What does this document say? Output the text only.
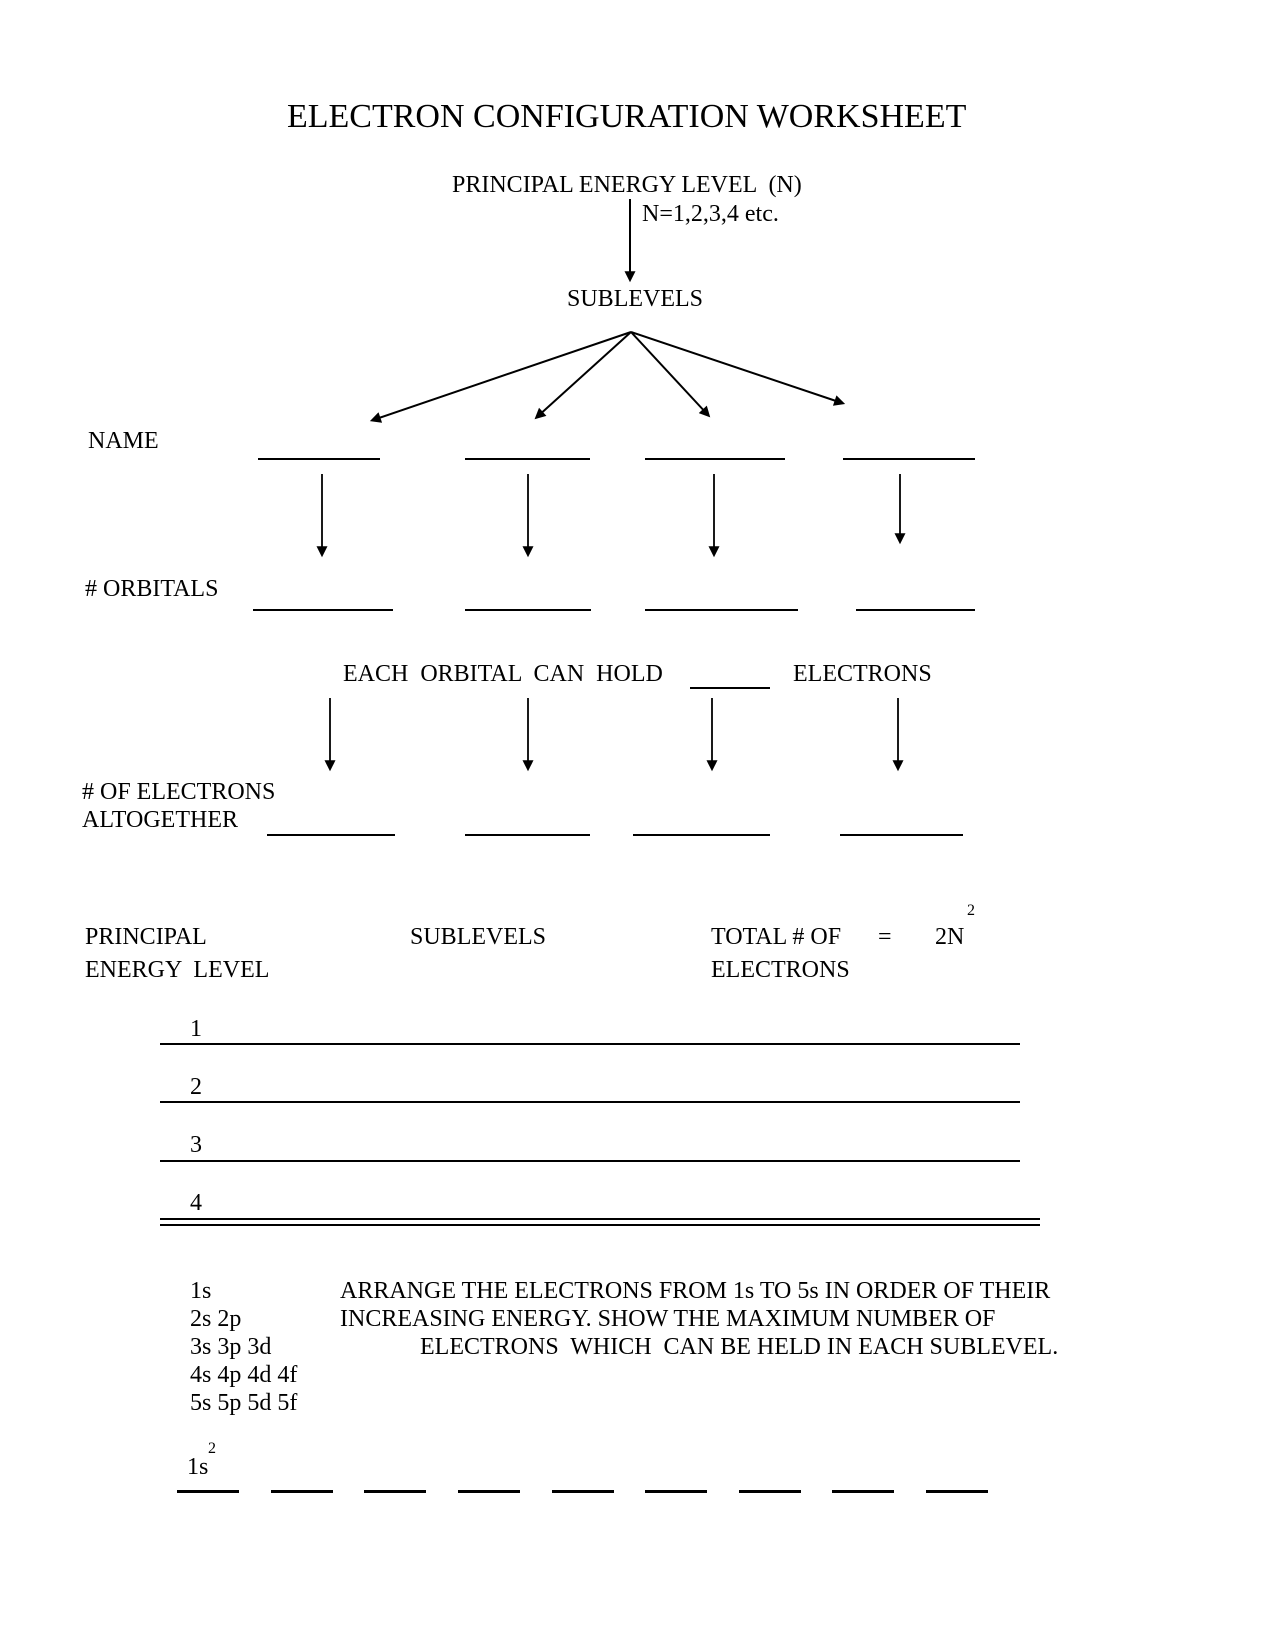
ELECTRON CONFIGURATION WORKSHEET
PRINCIPAL ENERGY LEVEL  (N)
N=1,2,3,4 etc.
SUBLEVELS
NAME
# ORBITALS
EACH  ORBITAL  CAN  HOLD	ELECTRONS
# OF ELECTRONS
ALTOGETHER
PRINCIPAL
ENERGY  LEVEL
SUBLEVELS	TOTAL # OF
ELECTRONS
= 2N
2
1
2
3
4
1s
2s 2p
3s 3p 3d
4s 4p 4d 4f
5s 5p 5d 5f
ARRANGE THE ELECTRONS FROM 1s TO 5s IN ORDER OF THEIR
INCREASING ENERGY. SHOW THE MAXIMUM NUMBER OF
ELECTRONS  WHICH  CAN BE HELD IN EACH SUBLEVEL.
1s
2
